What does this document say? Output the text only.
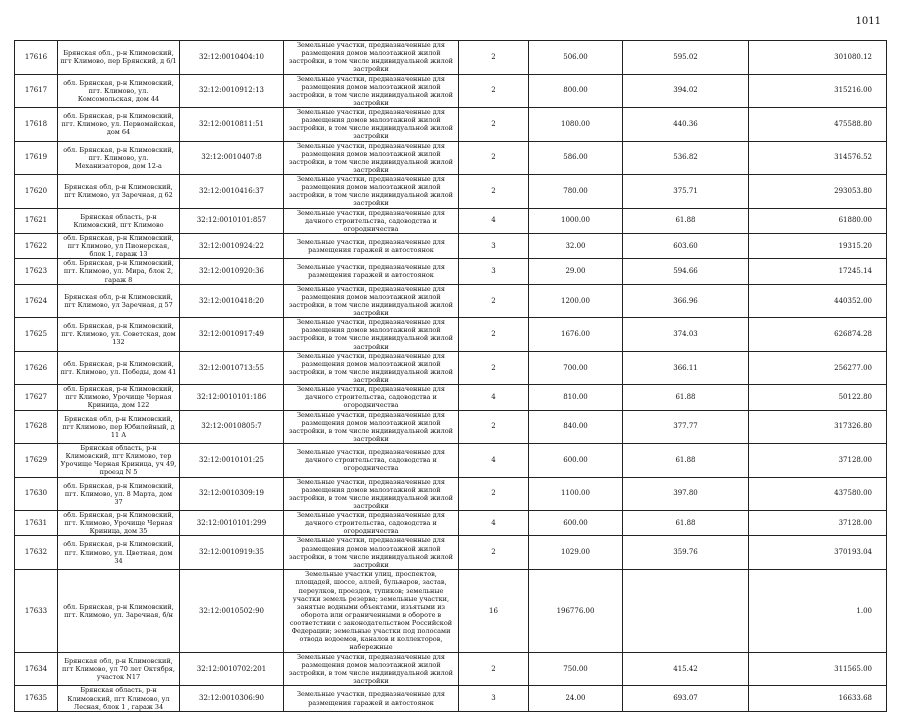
1011
17616	Брянская обл., р-н Климовский, пгт Климово, пер Брянский, д 6/1	32:12:0010404:10	Земельные участки, предназначенные для размещения домов малоэтажной жилой застройки, в том числе индивидуальной жилой застройки	2	506.00	595.02	301080.12
17617	обл. Брянская, р-н Климовский, пгт. Климово, ул. Комсомольская, дом 44	32:12:0010912:13	Земельные участки, предназначенные для размещения домов малоэтажной жилой застройки, в том числе индивидуальной жилой застройки	2	800.00	394.02	315216.00
17618	обл. Брянская, р-н Климовский, пгт. Климово, ул. Первомайская, дом 64	32:12:0010811:51	Земельные участки, предназначенные для размещения домов малоэтажной жилой застройки, в том числе индивидуальной жилой застройки	2	1080.00	440.36	475588.80
17619	обл. Брянская, р-н Климовский, пгт. Климово, ул. Механизаторов, дом 12-а	32:12:0010407:8	Земельные участки, предназначенные для размещения домов малоэтажной жилой застройки, в том числе индивидуальной жилой застройки	2	586.00	536.82	314576.52
17620	Брянская обл, р-н Климовский, пгт Климово, ул Заречная, д 62	32:12:0010416:37	Земельные участки, предназначенные для размещения домов малоэтажной жилой застройки, в том числе индивидуальной жилой застройки	2	780.00	375.71	293053.80
17621	Брянская область, р-н Климовский, пгт Климово	32:12:0010101:857	Земельные участки, предназначенные для дачного строительства, садоводства и огородничества	4	1000.00	61.88	61880.00
17622	обл. Брянская, р-н Климовский, пгт Климово, ул Пионерская, блок 1, гараж 13	32:12:0010924:22	Земельные участки, предназначенные для размещения гаражей и автостоянок	3	32.00	603.60	19315.20
17623	обл. Брянская, р-н Климовский, пгт. Климово, ул. Мира, блок 2, гараж 8	32:12:0010920:36	Земельные участки, предназначенные для размещения гаражей и автостоянок	3	29.00	594.66	17245.14
17624	Брянская обл, р-н Климовский, пгт Климово, ул Заречная, д 57	32:12:0010418:20	Земельные участки, предназначенные для размещения домов малоэтажной жилой застройки, в том числе индивидуальной жилой застройки	2	1200.00	366.96	440352.00
17625	обл. Брянская, р-н Климовский, пгт. Климово, ул. Советская, дом 132	32:12:0010917:49	Земельные участки, предназначенные для размещения домов малоэтажной жилой застройки, в том числе индивидуальной жилой застройки	2	1676.00	374.03	626874.28
17626	обл. Брянская, р-н Климовский, пгт. Климово, ул. Победы, дом 41	32:12:0010713:55	Земельные участки, предназначенные для размещения домов малоэтажной жилой застройки, в том числе индивидуальной жилой застройки	2	700.00	366.11	256277.00
17627	обл. Брянская, р-н Климовский, пгт Климово, Урочище Черная Криница, дом 122	32:12:0010101:186	Земельные участки, предназначенные для дачного строительства, садоводства и огородничества	4	810.00	61.88	50122.80
17628	Брянская обл, р-н Климовский, пгт Климово, пер Юбилейный, д 11 А	32:12:0010805:7	Земельные участки, предназначенные для размещения домов малоэтажной жилой застройки, в том числе индивидуальной жилой застройки	2	840.00	377.77	317326.80
17629	Брянская область, р-н Климовский, пгт Климово, тер Урочище Черная Криница, уч 49, проезд N 5	32:12:0010101:25	Земельные участки, предназначенные для дачного строительства, садоводства и огородничества	4	600.00	61.88	37128.00
17630	обл. Брянская, р-н Климовский, пгт. Климово, ул. 8 Марта, дом 37	32:12:0010309:19	Земельные участки, предназначенные для размещения домов малоэтажной жилой застройки, в том числе индивидуальной жилой застройки	2	1100.00	397.80	437580.00
17631	обл. Брянская, р-н Климовский, пгт. Климово, Урочище Черная Криница, дом 35	32:12:0010101:299	Земельные участки, предназначенные для дачного строительства, садоводства и огородничества	4	600.00	61.88	37128.00
17632	обл. Брянская, р-н Климовский, пгт. Климово, ул. Цветная, дом 34	32:12:0010919:35	Земельные участки, предназначенные для размещения домов малоэтажной жилой застройки, в том числе индивидуальной жилой застройки	2	1029.00	359.76	370193.04
17633	обл. Брянская, р-н Климовский, пгт. Климово, ул. Заречная, б/н	32:12:0010502:90	Земельные участки улиц, проспектов, площадей, шоссе, аллей, бульваров, застав, переулков, проездов, тупиков; земельные участки земель резерва; земельные участки, занятые водными объектами, изъятыми из оборота или ограниченными в обороте в соответствии с законодательством Российской Федерации; земельные участки под полосами отвода водоемов, каналов и коллекторов, набережные	16	196776.00		1.00
17634	Брянская обл, р-н Климовский, пгт Климово, ул 70 лет Октября, участок N17	32:12:0010702:201	Земельные участки, предназначенные для размещения домов малоэтажной жилой застройки, в том числе индивидуальной жилой застройки	2	750.00	415.42	311565.00
17635	Брянская область, р-н Климовский, пгт Климово, ул Лесная, блок 1 , гараж 34	32:12:0010306:90	Земельные участки, предназначенные для размещения гаражей и автостоянок	3	24.00	693.07	16633.68
